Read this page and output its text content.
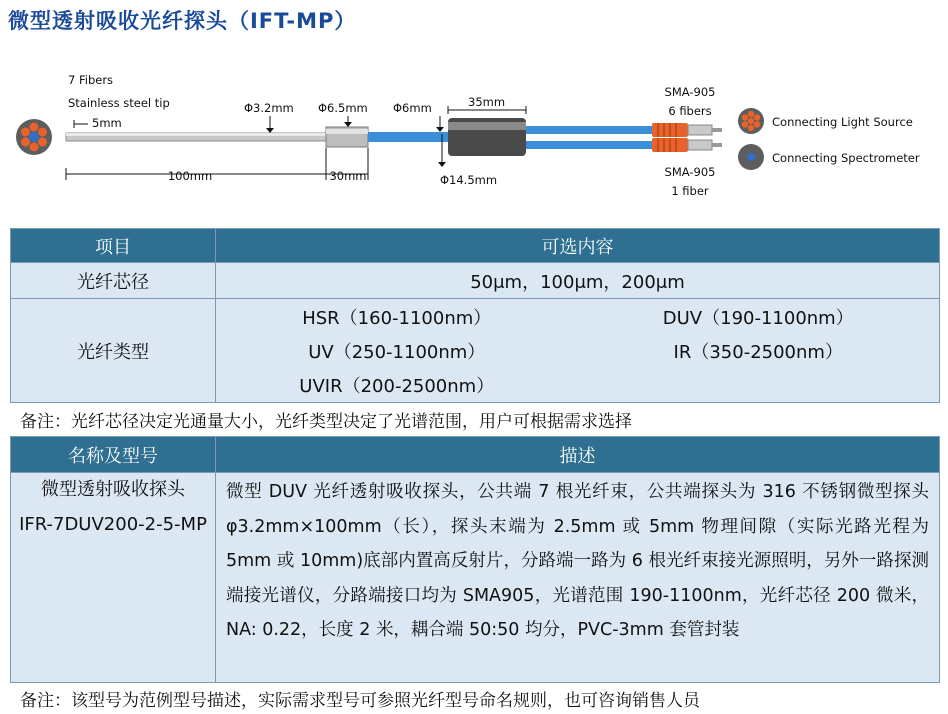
微型透射吸收光纤探头（IFT-MP）
7 Fibers
Stainless steel tip
5mm
Φ3.2mm Φ6.5mm Φ6mm	35mm
Φ14.5mm
SMA-905
6 fibers
SMA-905
1 fiber
100mm	30mm
Connecting Light Source
Connecting Spectrometer
项目	可选内容
光纤芯径	50μm，100μm，200μm
光纤类型	HSR（160-1100nm） DUV（190-1100nm）
UV（250-1100nm） IR（350-2500nm）
UVIR（200-2500nm）
备注：光纤芯径决定光通量大小，光纤类型决定了光谱范围，用户可根据需求选择
名称及型号	描述

微型透射吸收探头
IFR-7DUV200-2-5-MP	微型 DUV 光纤透射吸收探头，公共端 7 根光纤束，公共端探头为 316 不锈钢微型探头φ3.2mm×100mm（长），探头末端为 2.5mm 或 5mm 物理间隙（实际光路光程为 5mm 或 10mm)底部内置高反射片，分路端一路为 6 根光纤束接光源照明，另外一路探测端接光谱仪，分路端接口均为 SMA905，光谱范围 190-1100nm，光纤芯径 200 微米，NA: 0.22，长度 2 米，耦合端 50:50 均分，PVC-3mm 套管封装
备注：该型号为范例型号描述，实际需求型号可参照光纤型号命名规则，也可咨询销售人员
